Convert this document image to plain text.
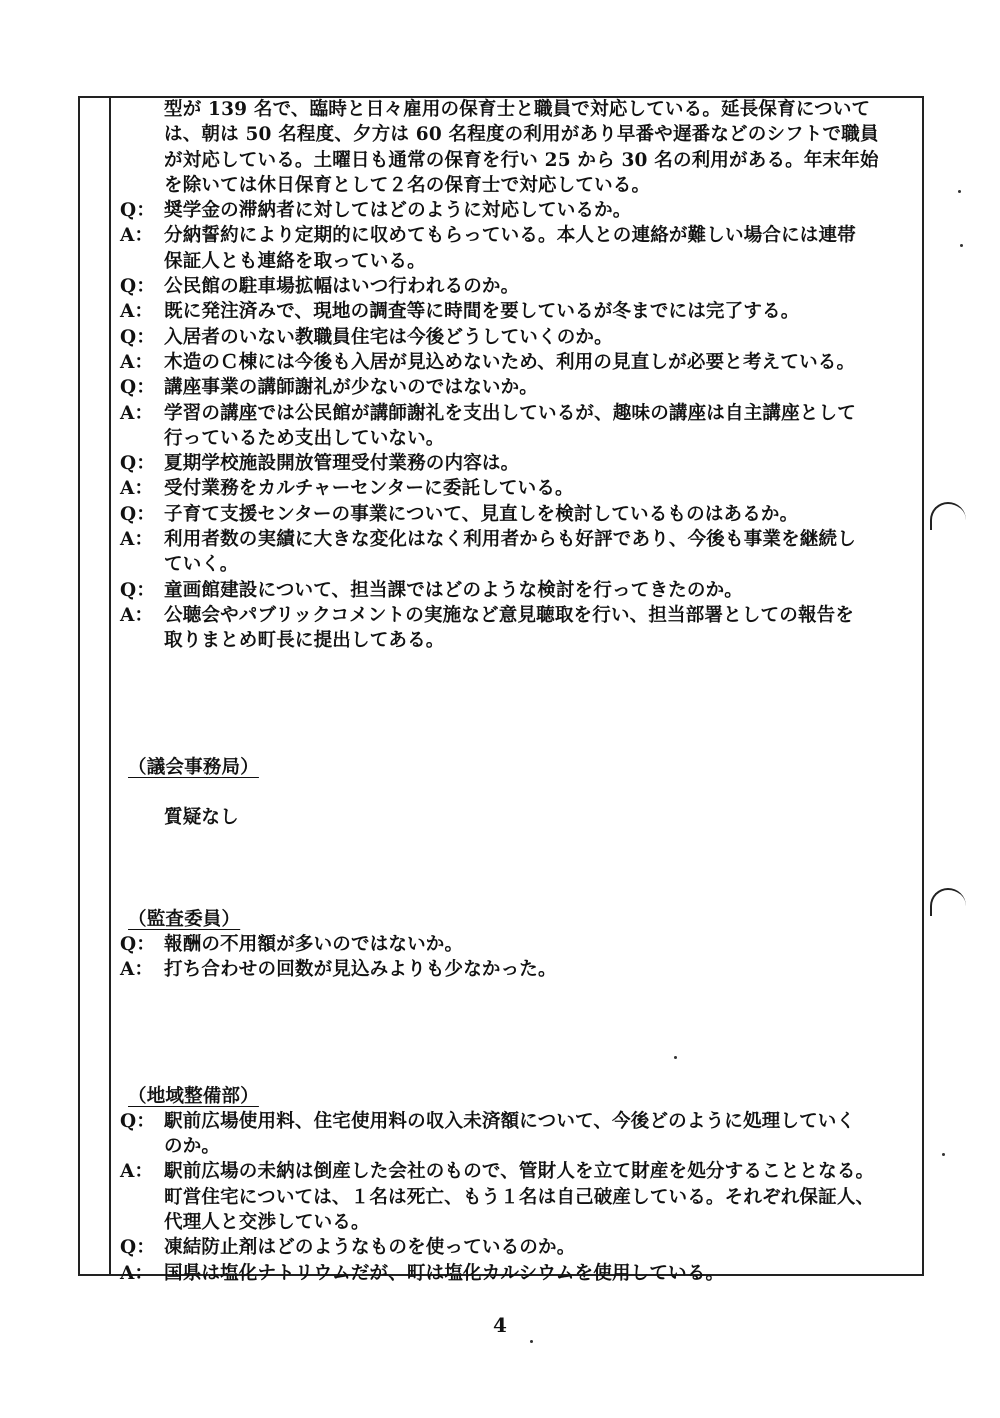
型が 139 名で、臨時と日々雇用の保育士と職員で対応している。延長保育について
は、朝は 50 名程度、夕方は 60 名程度の利用があり早番や遅番などのシフトで職員
が対応している。土曜日も通常の保育を行い 25 から 30 名の利用がある。年末年始
を除いては休日保育として２名の保育士で対応している。
Q： 奨学金の滞納者に対してはどのように対応しているか。
A： 分納誓約により定期的に収めてもらっている。本人との連絡が難しい場合には連帯
保証人とも連絡を取っている。
Q： 公民館の駐車場拡幅はいつ行われるのか。
A： 既に発注済みで、現地の調査等に時間を要しているが冬までには完了する。
Q： 入居者のいない教職員住宅は今後どうしていくのか。
A： 木造のＣ棟には今後も入居が見込めないため、利用の見直しが必要と考えている。
Q： 講座事業の講師謝礼が少ないのではないか。
A： 学習の講座では公民館が講師謝礼を支出しているが、趣味の講座は自主講座として
行っているため支出していない。
Q： 夏期学校施設開放管理受付業務の内容は。
A： 受付業務をカルチャーセンターに委託している。
Q： 子育て支援センターの事業について、見直しを検討しているものはあるか。
A： 利用者数の実績に大きな変化はなく利用者からも好評であり、今後も事業を継続し
ていく。
Q： 童画館建設について、担当課ではどのような検討を行ってきたのか。
A： 公聴会やパブリックコメントの実施など意見聴取を行い、担当部署としての報告を
取りまとめ町長に提出してある。
（議会事務局）
質疑なし
（監査委員）
Q： 報酬の不用額が多いのではないか。
A： 打ち合わせの回数が見込みよりも少なかった。
（地域整備部）
Q： 駅前広場使用料、住宅使用料の収入未済額について、今後どのように処理していく
のか。
A： 駅前広場の未納は倒産した会社のもので、管財人を立て財産を処分することとなる。
町営住宅については、１名は死亡、もう１名は自己破産している。それぞれ保証人、
代理人と交渉している。
Q： 凍結防止剤はどのようなものを使っているのか。
A： 国県は塩化ナトリウムだが、町は塩化カルシウムを使用している。
4
